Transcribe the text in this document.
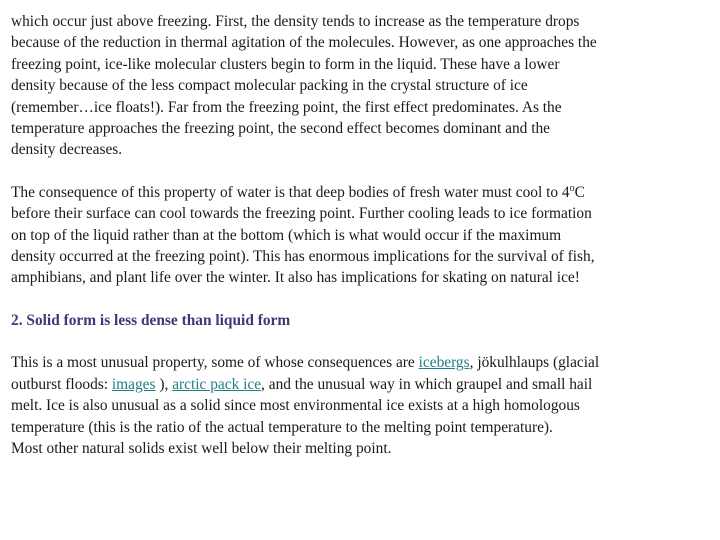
which occur just above freezing. First, the density tends to increase as the temperature drops
because of the reduction in thermal agitation of the molecules. However, as one approaches the
freezing point, ice-like molecular clusters begin to form in the liquid. These have a lower
density because of the less compact molecular packing in the crystal structure of ice
(remember…ice floats!). Far from the freezing point, the first effect predominates. As the
temperature approaches the freezing point, the second effect becomes dominant and the
density decreases.

The consequence of this property of water is that deep bodies of fresh water must cool to 4$^o$C
before their surface can cool towards the freezing point. Further cooling leads to ice formation
on top of the liquid rather than at the bottom (which is what would occur if the maximum
density occurred at the freezing point). This has enormous implications for the survival of fish,
amphibians, and plant life over the winter. It also has implications for skating on natural ice!

2. Solid form is less dense than liquid form

This is a most unusual property, some of whose consequences are icebergs, jökulhlaups (glacial
outburst floods: images ), arctic pack ice, and the unusual way in which graupel and small hail
melt. Ice is also unusual as a solid since most environmental ice exists at a high homologous
temperature (this is the ratio of the actual temperature to the melting point temperature).
Most other natural solids exist well below their melting point.
